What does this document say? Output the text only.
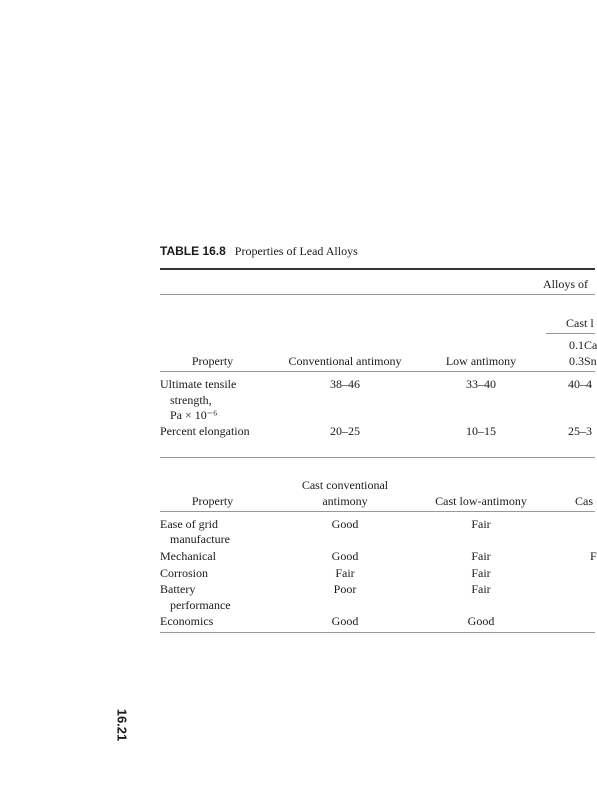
16.21
TABLE 16.8 Properties of Lead Alloys
Alloys of
Cast l
0.1Ca
0.3Sn
Property	Conventional antimony	Low antimony
Ultimate tensile
strength,
Pa × 10⁻⁶
38–46	33–40	40–4
Percent elongation	20–25	10–15	25–3
Cast conventional
Property	antimony	Cast low-antimony	Cas
Ease of grid
manufacture
Good	Fair
Mechanical	Good	Fair	F
Corrosion	Fair	Fair
Battery
performance
Poor	Fair
Economics	Good	Good
